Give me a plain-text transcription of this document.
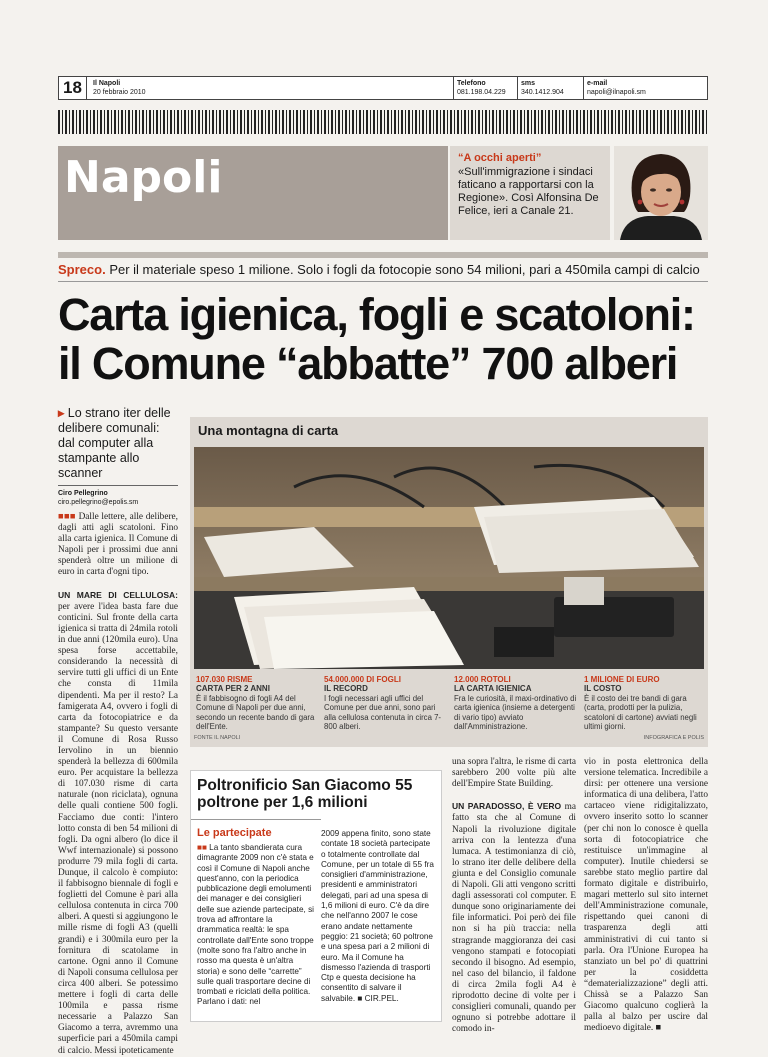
18	Il Napoli
20 febbraio 2010
Telefono
081.198.04.229
sms
340.1412.904
e-mail
napoli@ilnapoli.sm
Napoli	“A occhi aperti”
«Sull'immigrazione i sindaci faticano a rapportarsi con la Regione». Così Alfonsina De Felice, ieri a Canale 21.
Spreco. Per il materiale speso 1 milione. Solo i fogli da fotocopie sono 54 milioni, pari a 450mila campi di calcio
Carta igienica, fogli e scatoloni:
il Comune “abbatte” 700 alberi
▸ Lo strano iter delle delibere comunali: dal computer alla stampante allo scanner
Ciro Pellegrino
ciro.pellegrino@epolis.sm
■■■ Dalle lettere, alle delibere, dagli atti agli scatoloni. Fino alla carta igienica. Il Comune di Napoli per i prossimi due anni spenderà oltre un milione di euro in carta d'ogni tipo.

UN MARE DI CELLULOSA: per avere l'idea basta fare due conticini. Sul fronte della carta igienica si tratta di 24mila rotoli in due anni (120mila euro). Una spesa forse accettabile, considerando la necessità di servire tutti gli uffici di un Ente che consta di 11mila dipendenti. Ma per il resto? La famigerata A4, ovvero i fogli di carta da fotocopiatrice e da stampante? Su questo versante il Comune di Rosa Russo Iervolino in un biennio spenderà la bellezza di 600mila euro. Per acquistare la bellezza di 107.030 risme di carta naturale (non riciclata), ognuna delle quali contiene 500 fogli. Facciamo due conti: l'intero lotto consta di ben 54 milioni di fogli. Da ogni albero (lo dice il Wwf internazionale) si possono produrre 79 mila fogli di carta. Dunque, il calcolo è compiuto: il fabbisogno biennale di fogli e foglietti del Comune è pari alla cellulosa contenuta in circa 700 alberi. A questi si aggiungono le mille risme di fogli A3 (quelli grandi) e i 300mila euro per la fornitura di scatolame in cartone. Ogni anno il Comune di Napoli consuma cellulosa per circa 400 alberi. Se potessimo mettere i fogli di carta delle 100mila e passa risme necessarie a Palazzo San Giacomo a terra, avremmo una superficie pari a 450mila campi di calcio. Messi ipoteticamente
Una montagna di carta
107.030 RISME
CARTA PER 2 ANNI
È il fabbisogno di fogli A4 del Comune di Napoli per due anni, secondo un recente bando di gara dell'Ente.
54.000.000 DI FOGLI
IL RECORD
I fogli necessari agli uffici del Comune per due anni, sono pari alla cellulosa contenuta in circa 7-800 alberi.
12.000 ROTOLI
LA CARTA IGIENICA
Fra le curiosità, il maxi-ordinativo di carta igienica (insieme a detergenti di vario tipo) avviato dall'Amministrazione.
1 MILIONE DI EURO
IL COSTO
È il costo dei tre bandi di gara (carta, prodotti per la pulizia, scatoloni di cartone) avviati negli ultimi giorni.
FONTE IL NAPOLI	INFOGRAFICA E POLIS
Poltronificio San Giacomo 55 poltrone per 1,6 milioni
Le partecipate
■■ La tanto sbandierata cura dimagrante 2009 non c'è stata e così il Comune di Napoli anche quest'anno, con la periodica pubblicazione degli emolumenti dei manager e dei consiglieri delle sue aziende partecipate, si trova ad affrontare la drammatica realtà: le spa controllate dall'Ente sono troppe (molte sono fra l'altro anche in rosso ma questa è un'altra storia) e sono delle “carrette” sulle quali trasportare decine di trombati e riciclati della politica. Parlano i dati: nel
2009 appena finito, sono state contate 18 società partecipate o totalmente controllate dal Comune, per un totale di 55 fra consiglieri d'amministrazione, presidenti e amministratori delegati, pari ad una spesa di 1,6 milioni di euro. C'è da dire che nell'anno 2007 le cose erano andate nettamente peggio: 21 società; 60 poltrone e una spesa pari a 2 milioni di euro. Ma il Comune ha dismesso l'azienda di trasporti Ctp e questa decisione ha consentito di salvare il salvabile. ■ CIR.PEL.
una sopra l'altra, le risme di carta sarebbero 200 volte più alte dell'Empire State Building.

UN PARADOSSO, È VERO ma fatto sta che al Comune di Napoli la rivoluzione digitale arriva con la lentezza d'una lumaca. A testimonianza di ciò, lo strano iter delle delibere della giunta e del Consiglio comunale di Napoli. Gli atti vengono scritti dagli assessorati col computer. E dunque sono originariamente dei file informatici. Poi però dei file non si ha più traccia: nella stragrande maggioranza dei casi vengono stampati e fotocopiati secondo il bisogno. Ad esempio, nel caso del bilancio, il faldone di circa 2mila fogli A4 è riprodotto decine di volte per i consiglieri comunali, quando per ognuno si potrebbe adottare il comodo in-
vio in posta elettronica della versione telematica. Incredibile a dirsi: per ottenere una versione informatica di una delibera, l'atto cartaceo viene ridigitalizzato, ovvero inserito sotto lo scanner (per chi non lo conosce è quella sorta di fotocopiatrice che restituisce un'immagine al computer). Inutile chiedersi se sarebbe stato meglio partire dal formato digitale e distribuirlo, magari metterlo sul sito internet dell'Amministrazione comunale, rispettando quei canoni di trasparenza degli atti amministrativi di cui tanto si parla. Ora l'Unione Europea ha stanziato un bel po' di quattrini per la cosiddetta “dematerializzazione” degli atti. Chissà se a Palazzo San Giacomo qualcuno coglierà la palla al balzo per uscire dal medioevo digitale. ■
